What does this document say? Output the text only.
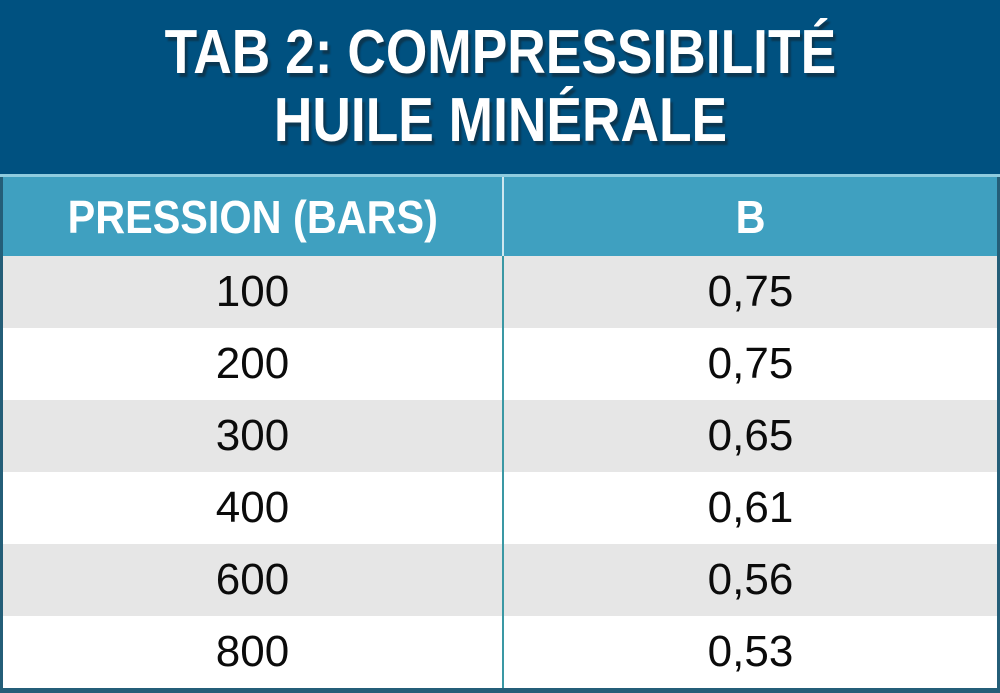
TAB 2: COMPRESSIBILITÉ
HUILE MINÉRALE
PRESSION (BARS)	B
100	0,75
200	0,75
300	0,65
400	0,61
600	0,56
800	0,53
